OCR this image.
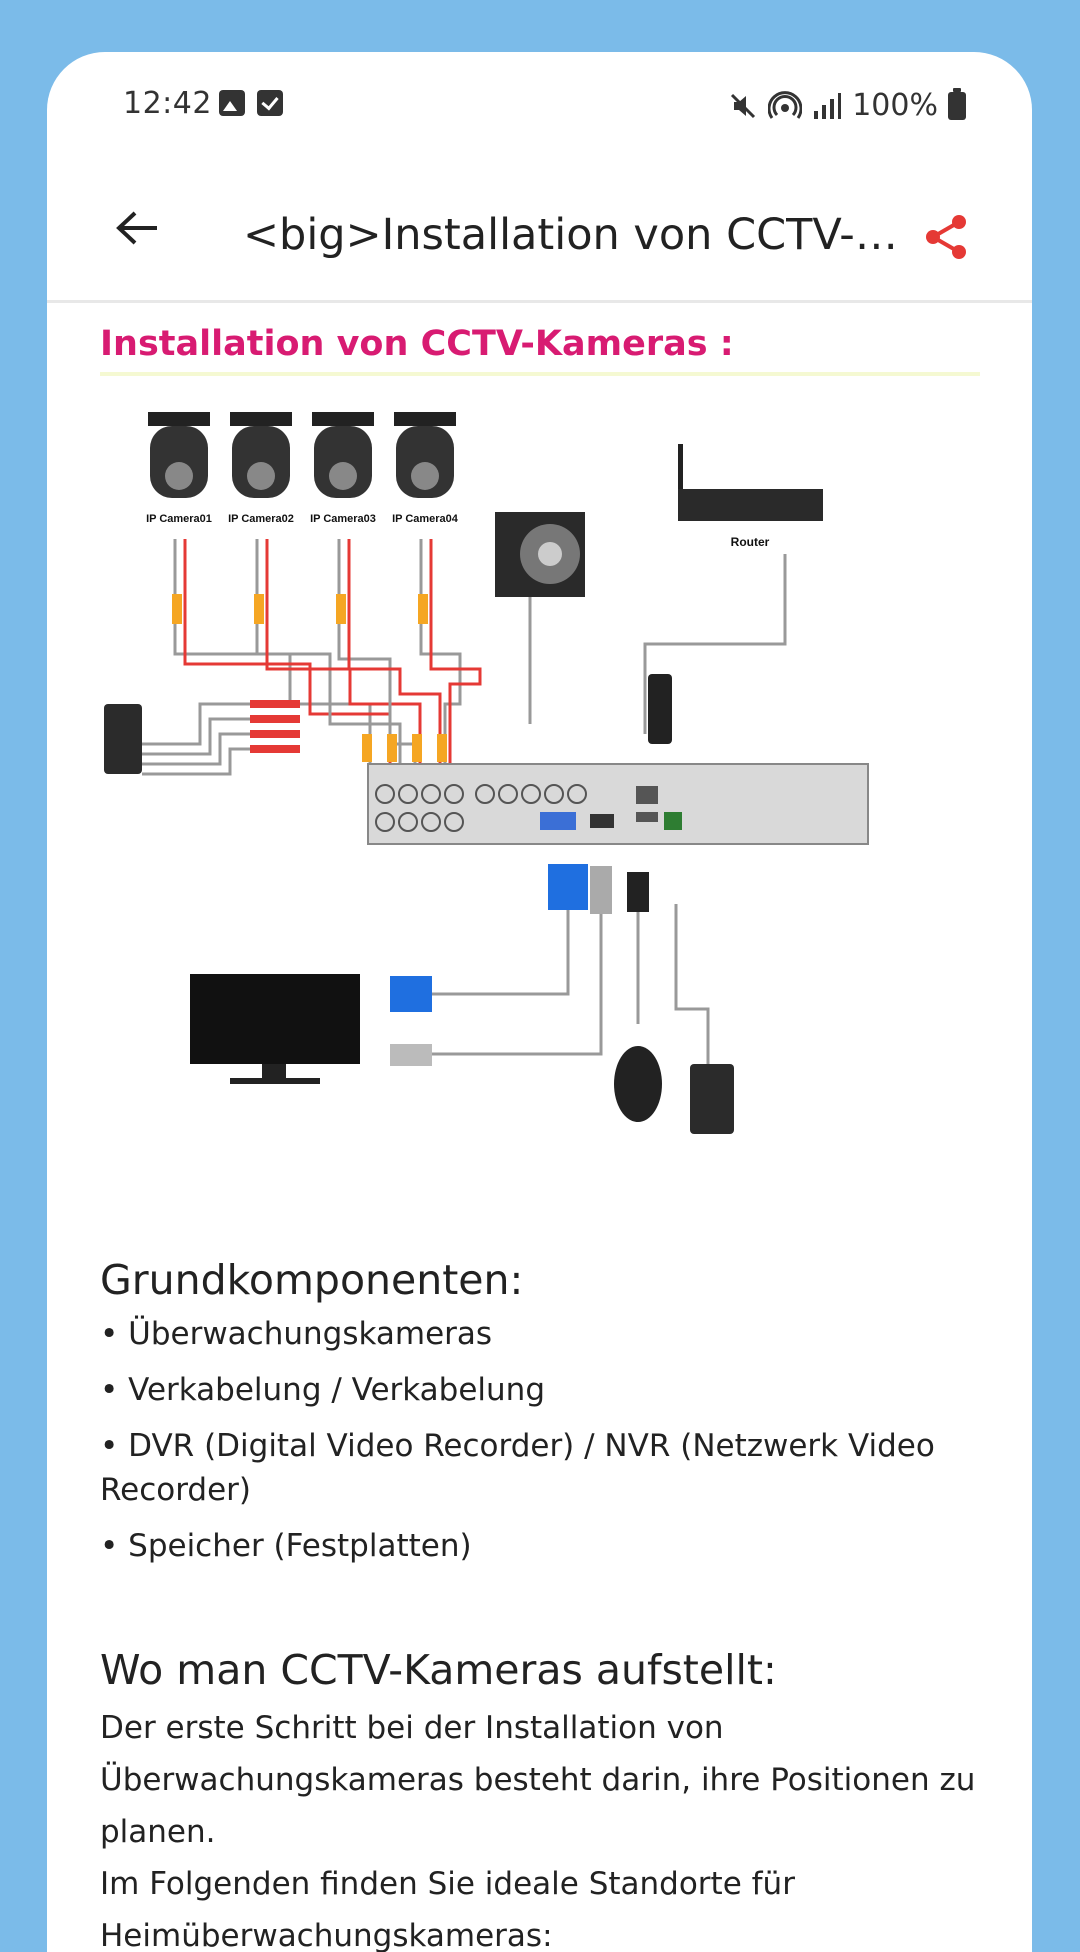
12:42	100%
<big>Installation von CCTV-…
Installation von CCTV-Kameras :
IP Camera01 IP Camera02 IP Camera03 IP Camera04
Router
Grundkomponenten:
• Überwachungskameras
• Verkabelung / Verkabelung
• DVR (Digital Video Recorder) / NVR (Netzwerk Video Recorder)
• Speicher (Festplatten)
Wo man CCTV-Kameras aufstellt:

Der erste Schritt bei der Installation von Überwachungskameras besteht darin, ihre Positionen zu planen.

Im Folgenden finden Sie ideale Standorte für Heimüberwachungskameras:
